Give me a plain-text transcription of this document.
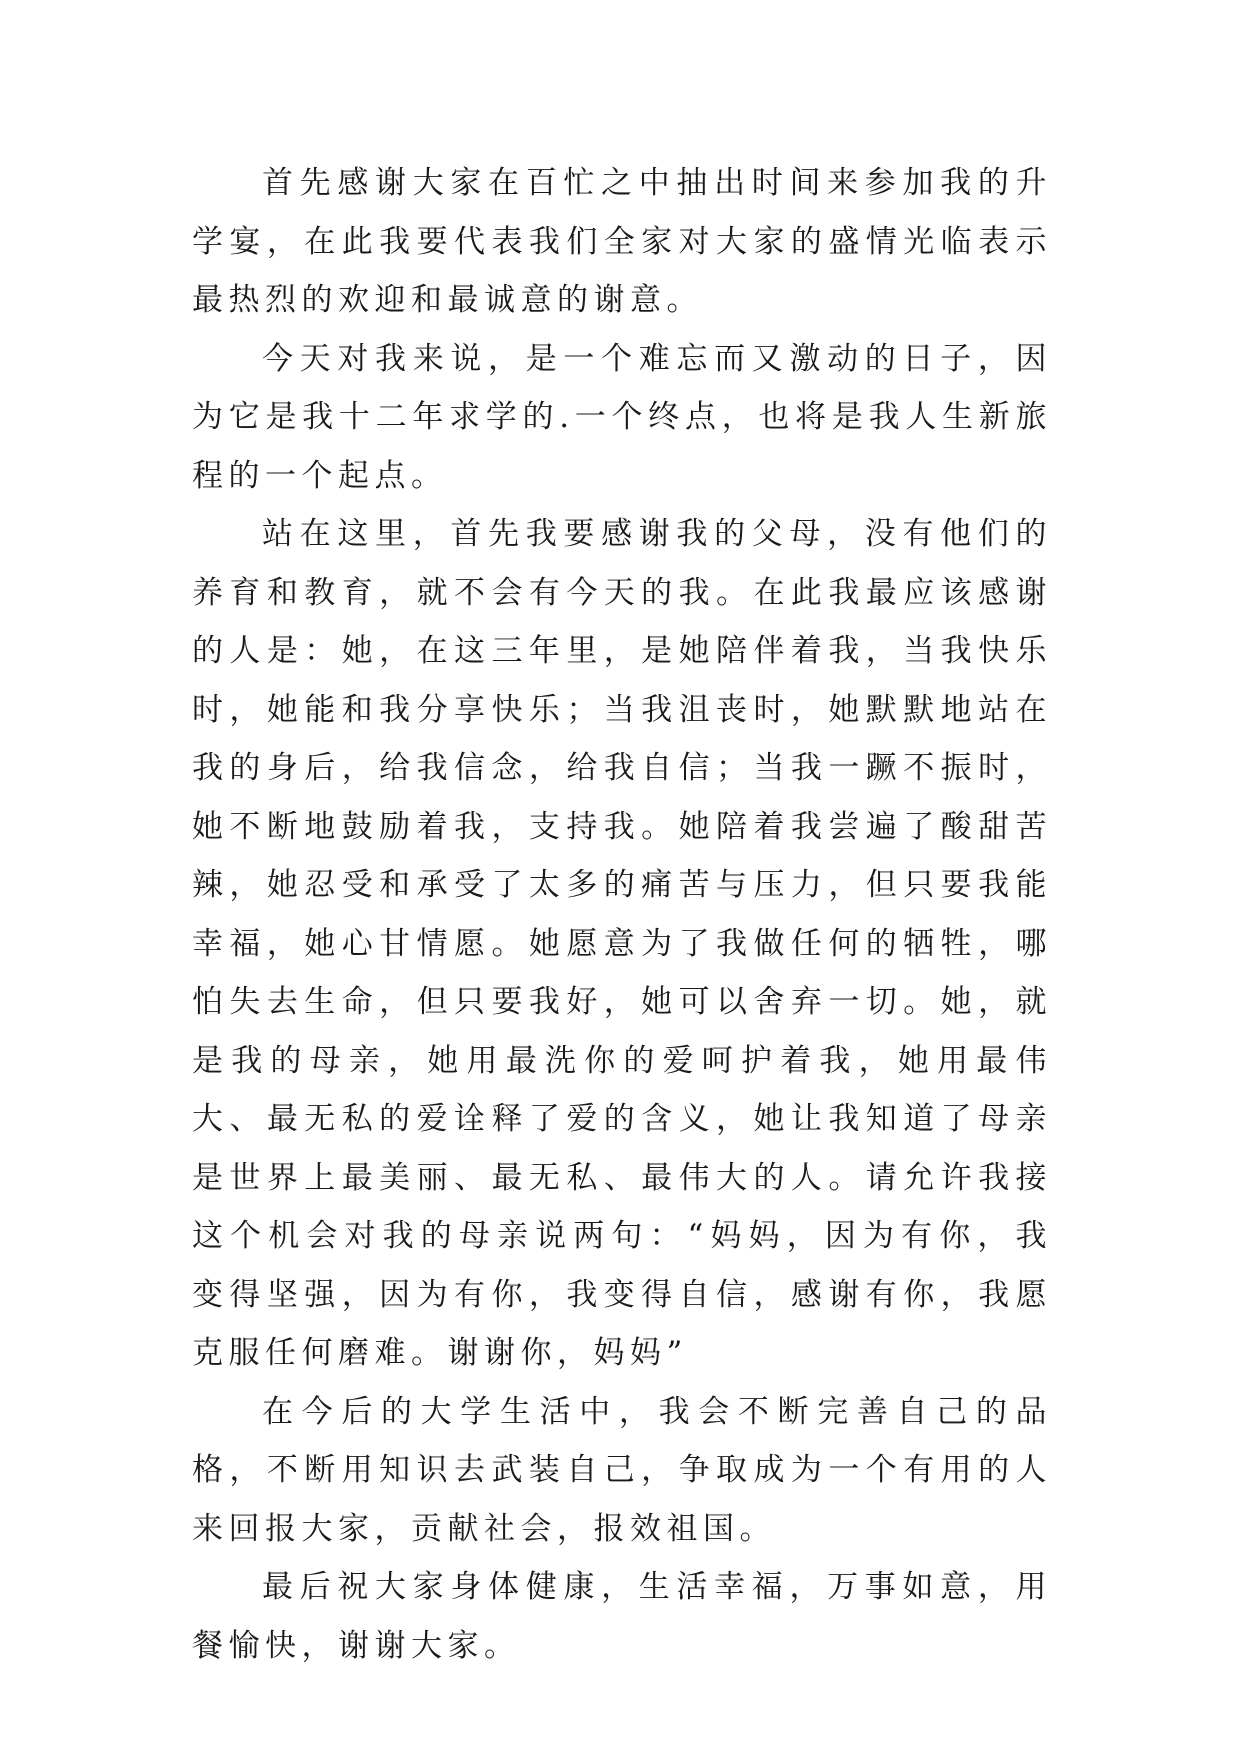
首先感谢大家在百忙之中抽出时间来参加我的升学宴，在此我要代表我们全家对大家的盛情光临表示最热烈的欢迎和最诚意的谢意。

今天对我来说，是一个难忘而又激动的日子，因为它是我十二年求学的.一个终点，也将是我人生新旅程的一个起点。

站在这里，首先我要感谢我的父母，没有他们的养育和教育，就不会有今天的我。在此我最应该感谢的人是：她，在这三年里，是她陪伴着我，当我快乐时，她能和我分享快乐；当我沮丧时，她默默地站在我的身后，给我信念，给我自信；当我一蹶不振时，她不断地鼓励着我，支持我。她陪着我尝遍了酸甜苦辣，她忍受和承受了太多的痛苦与压力，但只要我能幸福，她心甘情愿。她愿意为了我做任何的牺牲，哪怕失去生命，但只要我好，她可以舍弃一切。她，就是我的母亲，她用最洗你的爱呵护着我，她用最伟大、最无私的爱诠释了爱的含义，她让我知道了母亲是世界上最美丽、最无私、最伟大的人。请允许我接这个机会对我的母亲说两句：“妈妈，因为有你，我变得坚强，因为有你，我变得自信，感谢有你，我愿克服任何磨难。谢谢你，妈妈”

在今后的大学生活中，我会不断完善自己的品格，不断用知识去武装自己，争取成为一个有用的人来回报大家，贡献社会，报效祖国。

最后祝大家身体健康，生活幸福，万事如意，用餐愉快，谢谢大家。
